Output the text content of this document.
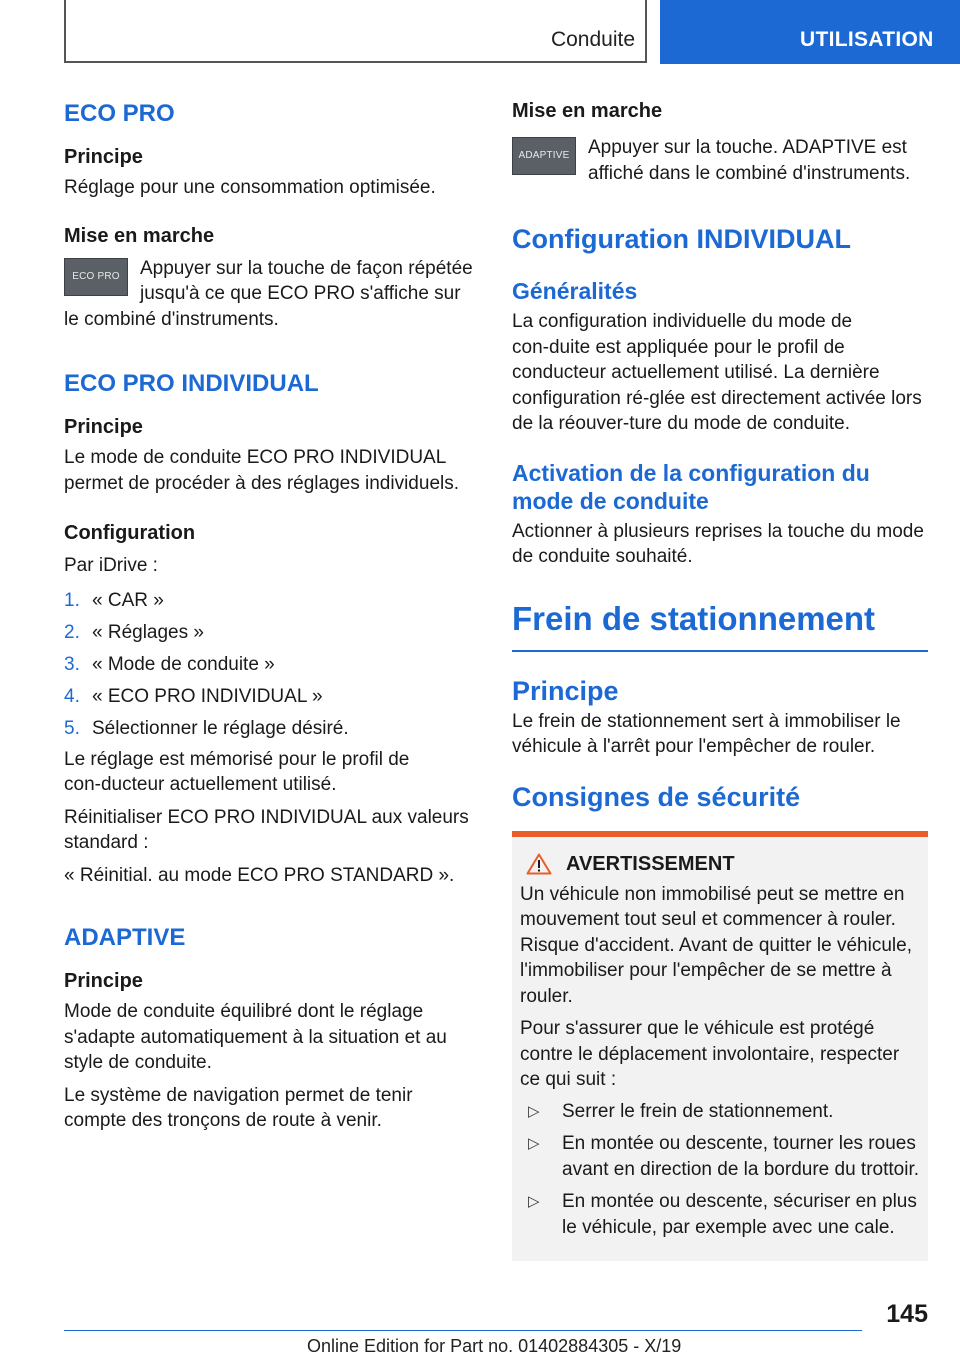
Conduite	UTILISATION
ECO PRO
Principe

Réglage pour une consommation optimisée.

Mise en marche
ECO PRO	Appuyer sur la touche de façon répétée jusqu'à ce que ECO PRO s'affiche sur le combiné d'instruments.

ECO PRO INDIVIDUAL
Principe

Le mode de conduite ECO PRO INDIVIDUAL permet de procéder à des réglages individuels.

Configuration

Par iDrive :

1. « CAR »
2. « Réglages »
3. « Mode de conduite »
4. « ECO PRO INDIVIDUAL »
5. Sélectionner le réglage désiré.

Le réglage est mémorisé pour le profil de con‑ducteur actuellement utilisé.

Réinitialiser ECO PRO INDIVIDUAL aux valeurs standard :

« Réinitial. au mode ECO PRO STANDARD ».

ADAPTIVE
Principe

Mode de conduite équilibré dont le réglage s'adapte automatiquement à la situation et au style de conduite.

Le système de navigation permet de tenir compte des tronçons de route à venir.

Mise en marche
ADAPTIVE Appuyer sur la touche. ADAPTIVE est affiché dans le combiné d'instruments.

Configuration INDIVIDUAL
Généralités

La configuration individuelle du mode de con‑duite est appliquée pour le profil de conducteur actuellement utilisé. La dernière configuration ré‑glée est directement activée lors de la réouver‑ture du mode de conduite.

Activation de la configuration du mode de conduite

Actionner à plusieurs reprises la touche du mode de conduite souhaité.

Frein de stationnement
Principe

Le frein de stationnement sert à immobiliser le véhicule à l'arrêt pour l'empêcher de rouler.

Consignes de sécurité
AVERTISSEMENT

Un véhicule non immobilisé peut se mettre en mouvement tout seul et commencer à rouler. Risque d'accident. Avant de quitter le véhicule, l'immobiliser pour l'empêcher de se mettre à rouler.

Pour s'assurer que le véhicule est protégé contre le déplacement involontaire, respecter ce qui suit :

▷	Serrer le frein de stationnement.
▷	En montée ou descente, tourner les roues avant en direction de la bordure du trottoir.
▷	En montée ou descente, sécuriser en plus le véhicule, par exemple avec une cale.
145
Online Edition for Part no. 01402884305 - X/19
